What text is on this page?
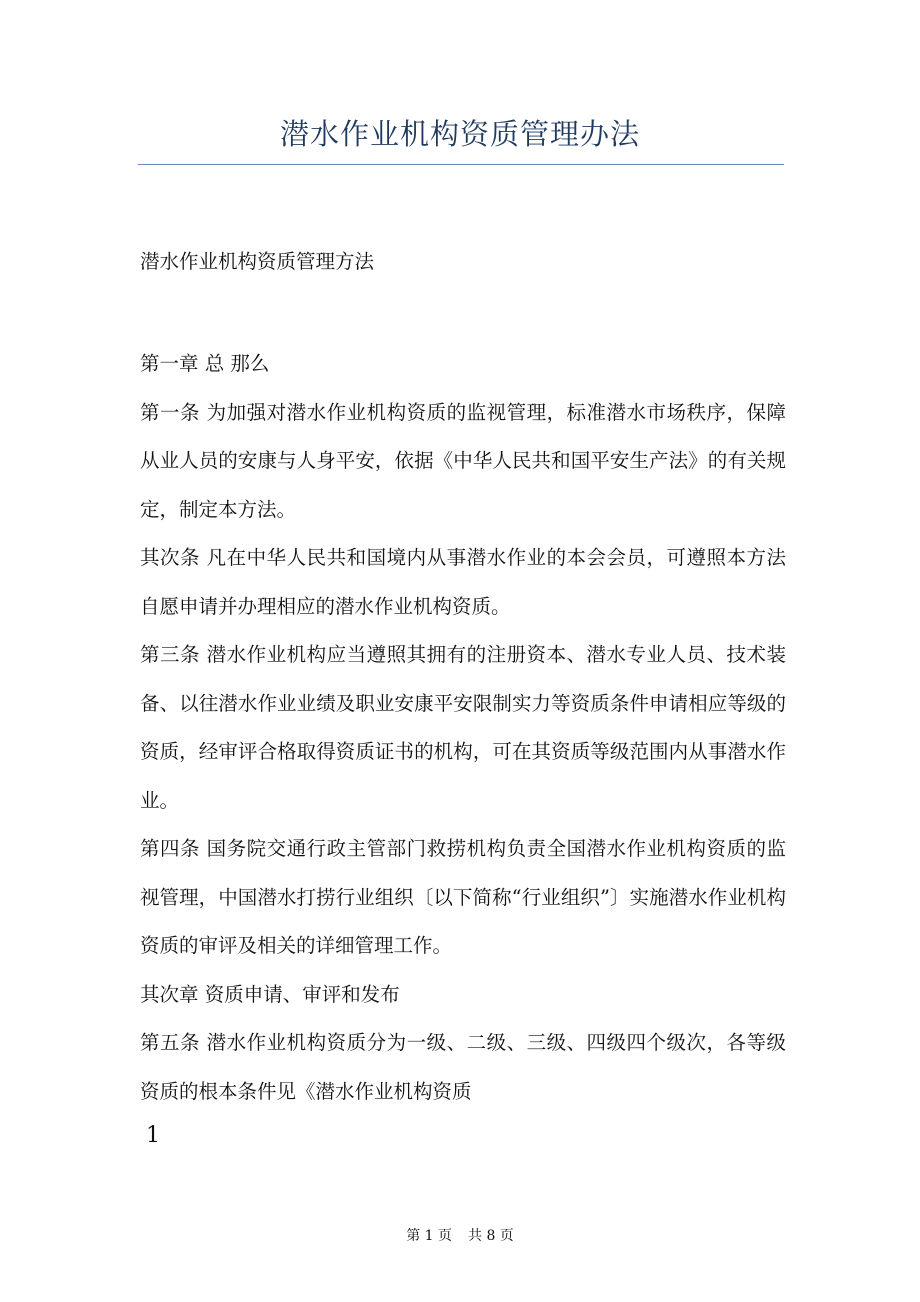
潜水作业机构资质管理办法

潜水作业机构资质管理方法

第一章 总 那么

第一条 为加强对潜水作业机构资质的监视管理，标准潜水市场秩序，保障从业人员的安康与人身平安，依据《中华人民共和国平安生产法》的有关规定，制定本方法。

其次条 凡在中华人民共和国境内从事潜水作业的本会会员，可遵照本方法自愿申请并办理相应的潜水作业机构资质。

第三条 潜水作业机构应当遵照其拥有的注册资本、潜水专业人员、技术装备、以往潜水作业业绩及职业安康平安限制实力等资质条件申请相应等级的资质，经审评合格取得资质证书的机构，可在其资质等级范围内从事潜水作业。

第四条 国务院交通行政主管部门救捞机构负责全国潜水作业机构资质的监视管理，中国潜水打捞行业组织〔以下简称“行业组织”〕实施潜水作业机构资质的审评及相关的详细管理工作。

其次章 资质申请、审评和发布

第五条 潜水作业机构资质分为一级、二级、三级、四级四个级次，各等级资质的根本条件见《潜水作业机构资质

1
第 1 页 共 8 页
